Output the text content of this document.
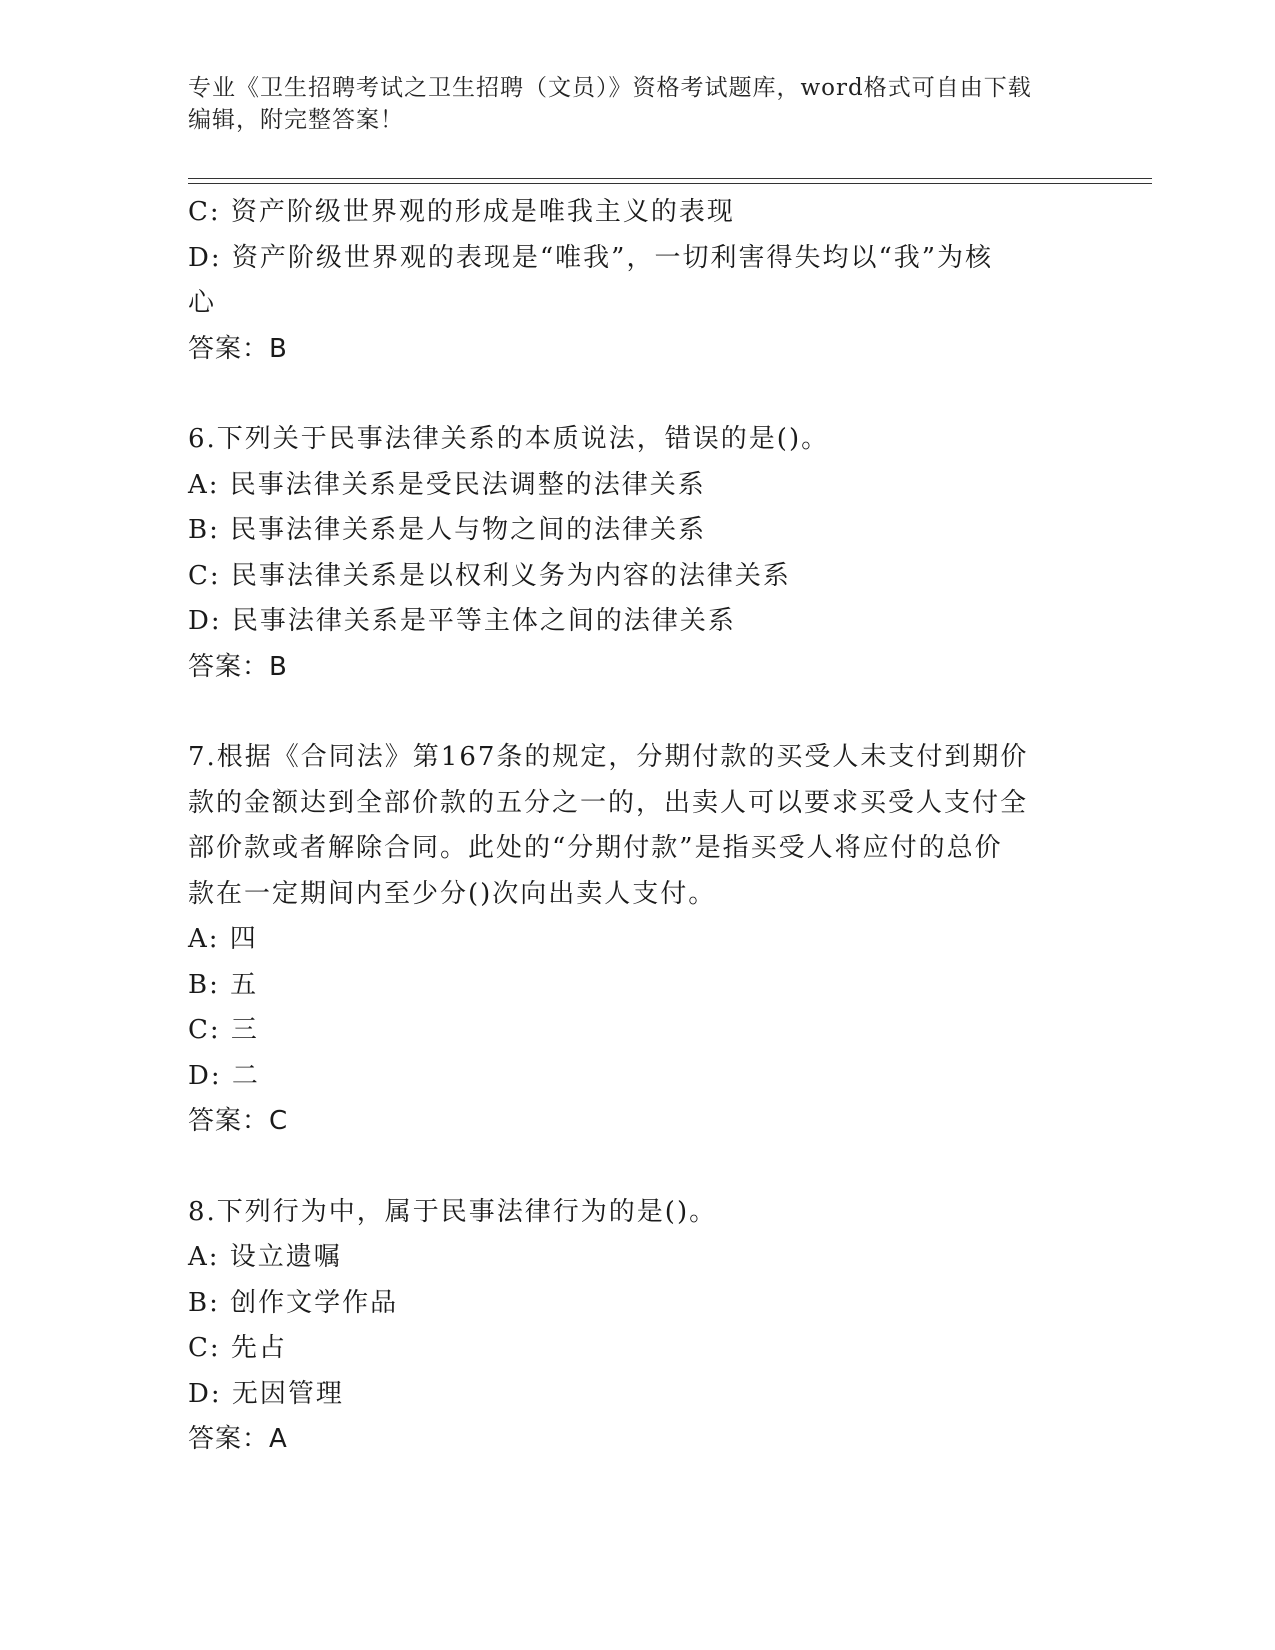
专业《卫生招聘考试之卫生招聘（文员）》资格考试题库，word格式可自由下载
编辑，附完整答案！
C: 资产阶级世界观的形成是唯我主义的表现
D: 资产阶级世界观的表现是“唯我”，一切利害得失均以“我”为核
心
答案：B
6.下列关于民事法律关系的本质说法，错误的是()。
A: 民事法律关系是受民法调整的法律关系
B: 民事法律关系是人与物之间的法律关系
C: 民事法律关系是以权利义务为内容的法律关系
D: 民事法律关系是平等主体之间的法律关系
答案：B
7.根据《合同法》第167条的规定，分期付款的买受人未支付到期价
款的金额达到全部价款的五分之一的，出卖人可以要求买受人支付全
部价款或者解除合同。此处的“分期付款”是指买受人将应付的总价
款在一定期间内至少分()次向出卖人支付。
A: 四
B: 五
C: 三
D: 二
答案：C
8.下列行为中，属于民事法律行为的是()。
A: 设立遗嘱
B: 创作文学作品
C: 先占
D: 无因管理
答案：A
